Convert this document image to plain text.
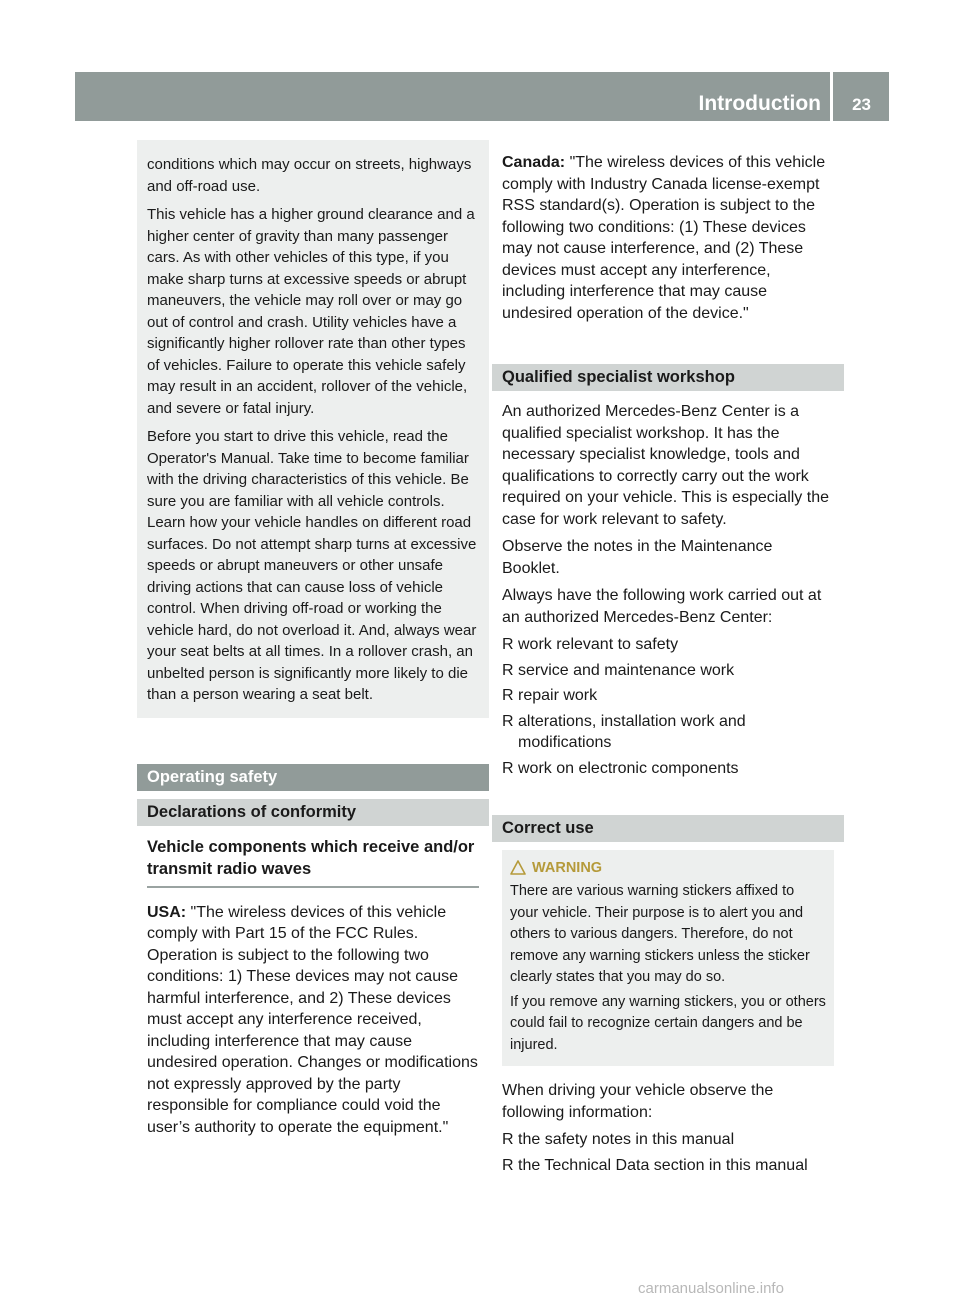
Introduction 23

conditions which may occur on streets, highways and off-road use.

This vehicle has a higher ground clearance and a higher center of gravity than many passenger cars. As with other vehicles of this type, if you make sharp turns at excessive speeds or abrupt maneuvers, the vehicle may roll over or may go out of control and crash. Utility vehicles have a significantly higher rollover rate than other types of vehicles. Failure to operate this vehicle safely may result in an accident, rollover of the vehicle, and severe or fatal injury.

Before you start to drive this vehicle, read the Operator's Manual. Take time to become familiar with the driving characteristics of this vehicle. Be sure you are familiar with all vehicle controls. Learn how your vehicle handles on different road surfaces. Do not attempt sharp turns at excessive speeds or abrupt maneuvers or other unsafe driving actions that can cause loss of vehicle control. When driving off-road or working the vehicle hard, do not overload it. And, always wear your seat belts at all times. In a rollover crash, an unbelted person is significantly more likely to die than a person wearing a seat belt.

Operating safety
Declarations of conformity
Vehicle components which receive and/or transmit radio waves

USA: "The wireless devices of this vehicle comply with Part 15 of the FCC Rules. Operation is subject to the following two conditions: 1) These devices may not cause harmful interference, and 2) These devices must accept any interference received, including interference that may cause undesired operation. Changes or modifications not expressly approved by the party responsible for compliance could void the user’s authority to operate the equipment."

Canada: "The wireless devices of this vehicle comply with Industry Canada license-exempt RSS standard(s). Operation is subject to the following two conditions: (1) These devices may not cause interference, and (2) These devices must accept any interference, including interference that may cause undesired operation of the device."

Qualified specialist workshop

An authorized Mercedes-Benz Center is a qualified specialist workshop. It has the necessary specialist knowledge, tools and qualifications to correctly carry out the work required on your vehicle. This is especially the case for work relevant to safety.

Observe the notes in the Maintenance Booklet.

Always have the following work carried out at an authorized Mercedes-Benz Center:

R work relevant to safety
R service and maintenance work
R repair work
R alterations, installation work and modifications
R work on electronic components
Correct use
WARNING

There are various warning stickers affixed to your vehicle. Their purpose is to alert you and others to various dangers. Therefore, do not remove any warning stickers unless the sticker clearly states that you may do so.

If you remove any warning stickers, you or others could fail to recognize certain dangers and be injured.

When driving your vehicle observe the following information:

R the safety notes in this manual
R the Technical Data section in this manual
carmanualsonline.info
